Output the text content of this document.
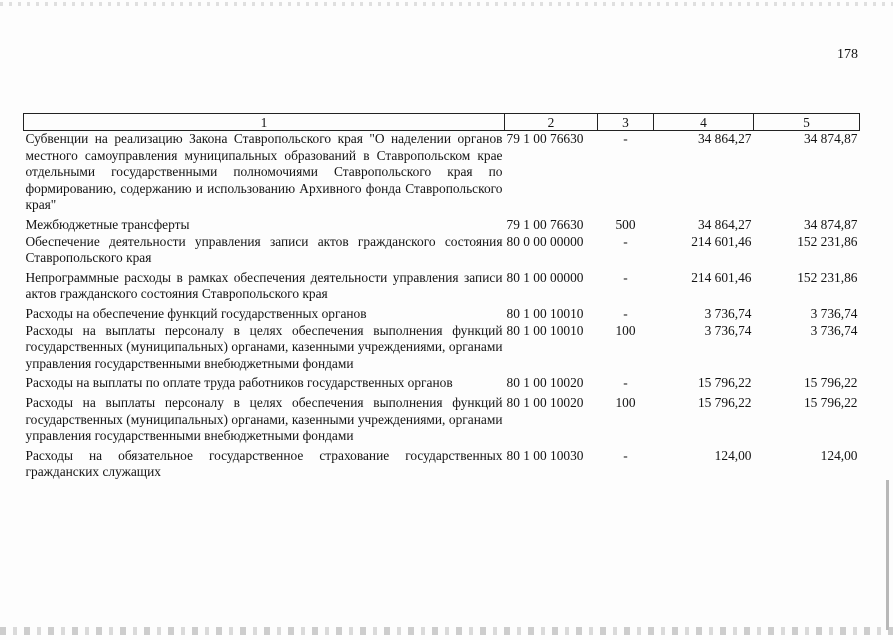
178
1	2	3	4	5
Субвенции на реализацию Закона Ставропольского края "О наделении органов местного самоуправления муниципальных образований в Ставропольском крае отдельными государственными полномочиями Ставропольского края по формированию, содержанию и использованию Архивного фонда Ставропольского края"	79 1 00 76630	-	34 864,27	34 874,87
Межбюджетные трансферты	79 1 00 76630	500	34 864,27	34 874,87
Обеспечение деятельности управления записи актов гражданского состояния Ставропольского края	80 0 00 00000	-	214 601,46	152 231,86
Непрограммные расходы в рамках обеспечения деятельности управления записи актов гражданского состояния Ставропольского края	80 1 00 00000	-	214 601,46	152 231,86
Расходы на обеспечение функций государственных органов	80 1 00 10010	-	3 736,74	3 736,74
Расходы на выплаты персоналу в целях обеспечения выполнения функций государственных (муниципальных) органами, казенными учреждениями, органами управления государственными внебюджетными фондами	80 1 00 10010	100	3 736,74	3 736,74
Расходы на выплаты по оплате труда работников государственных органов	80 1 00 10020	-	15 796,22	15 796,22
Расходы на выплаты персоналу в целях обеспечения выполнения функций государственных (муниципальных) органами, казенными учреждениями, органами управления государственными внебюджетными фондами	80 1 00 10020	100	15 796,22	15 796,22
Расходы на обязательное государственное страхование государственных гражданских служащих	80 1 00 10030	-	124,00	124,00
